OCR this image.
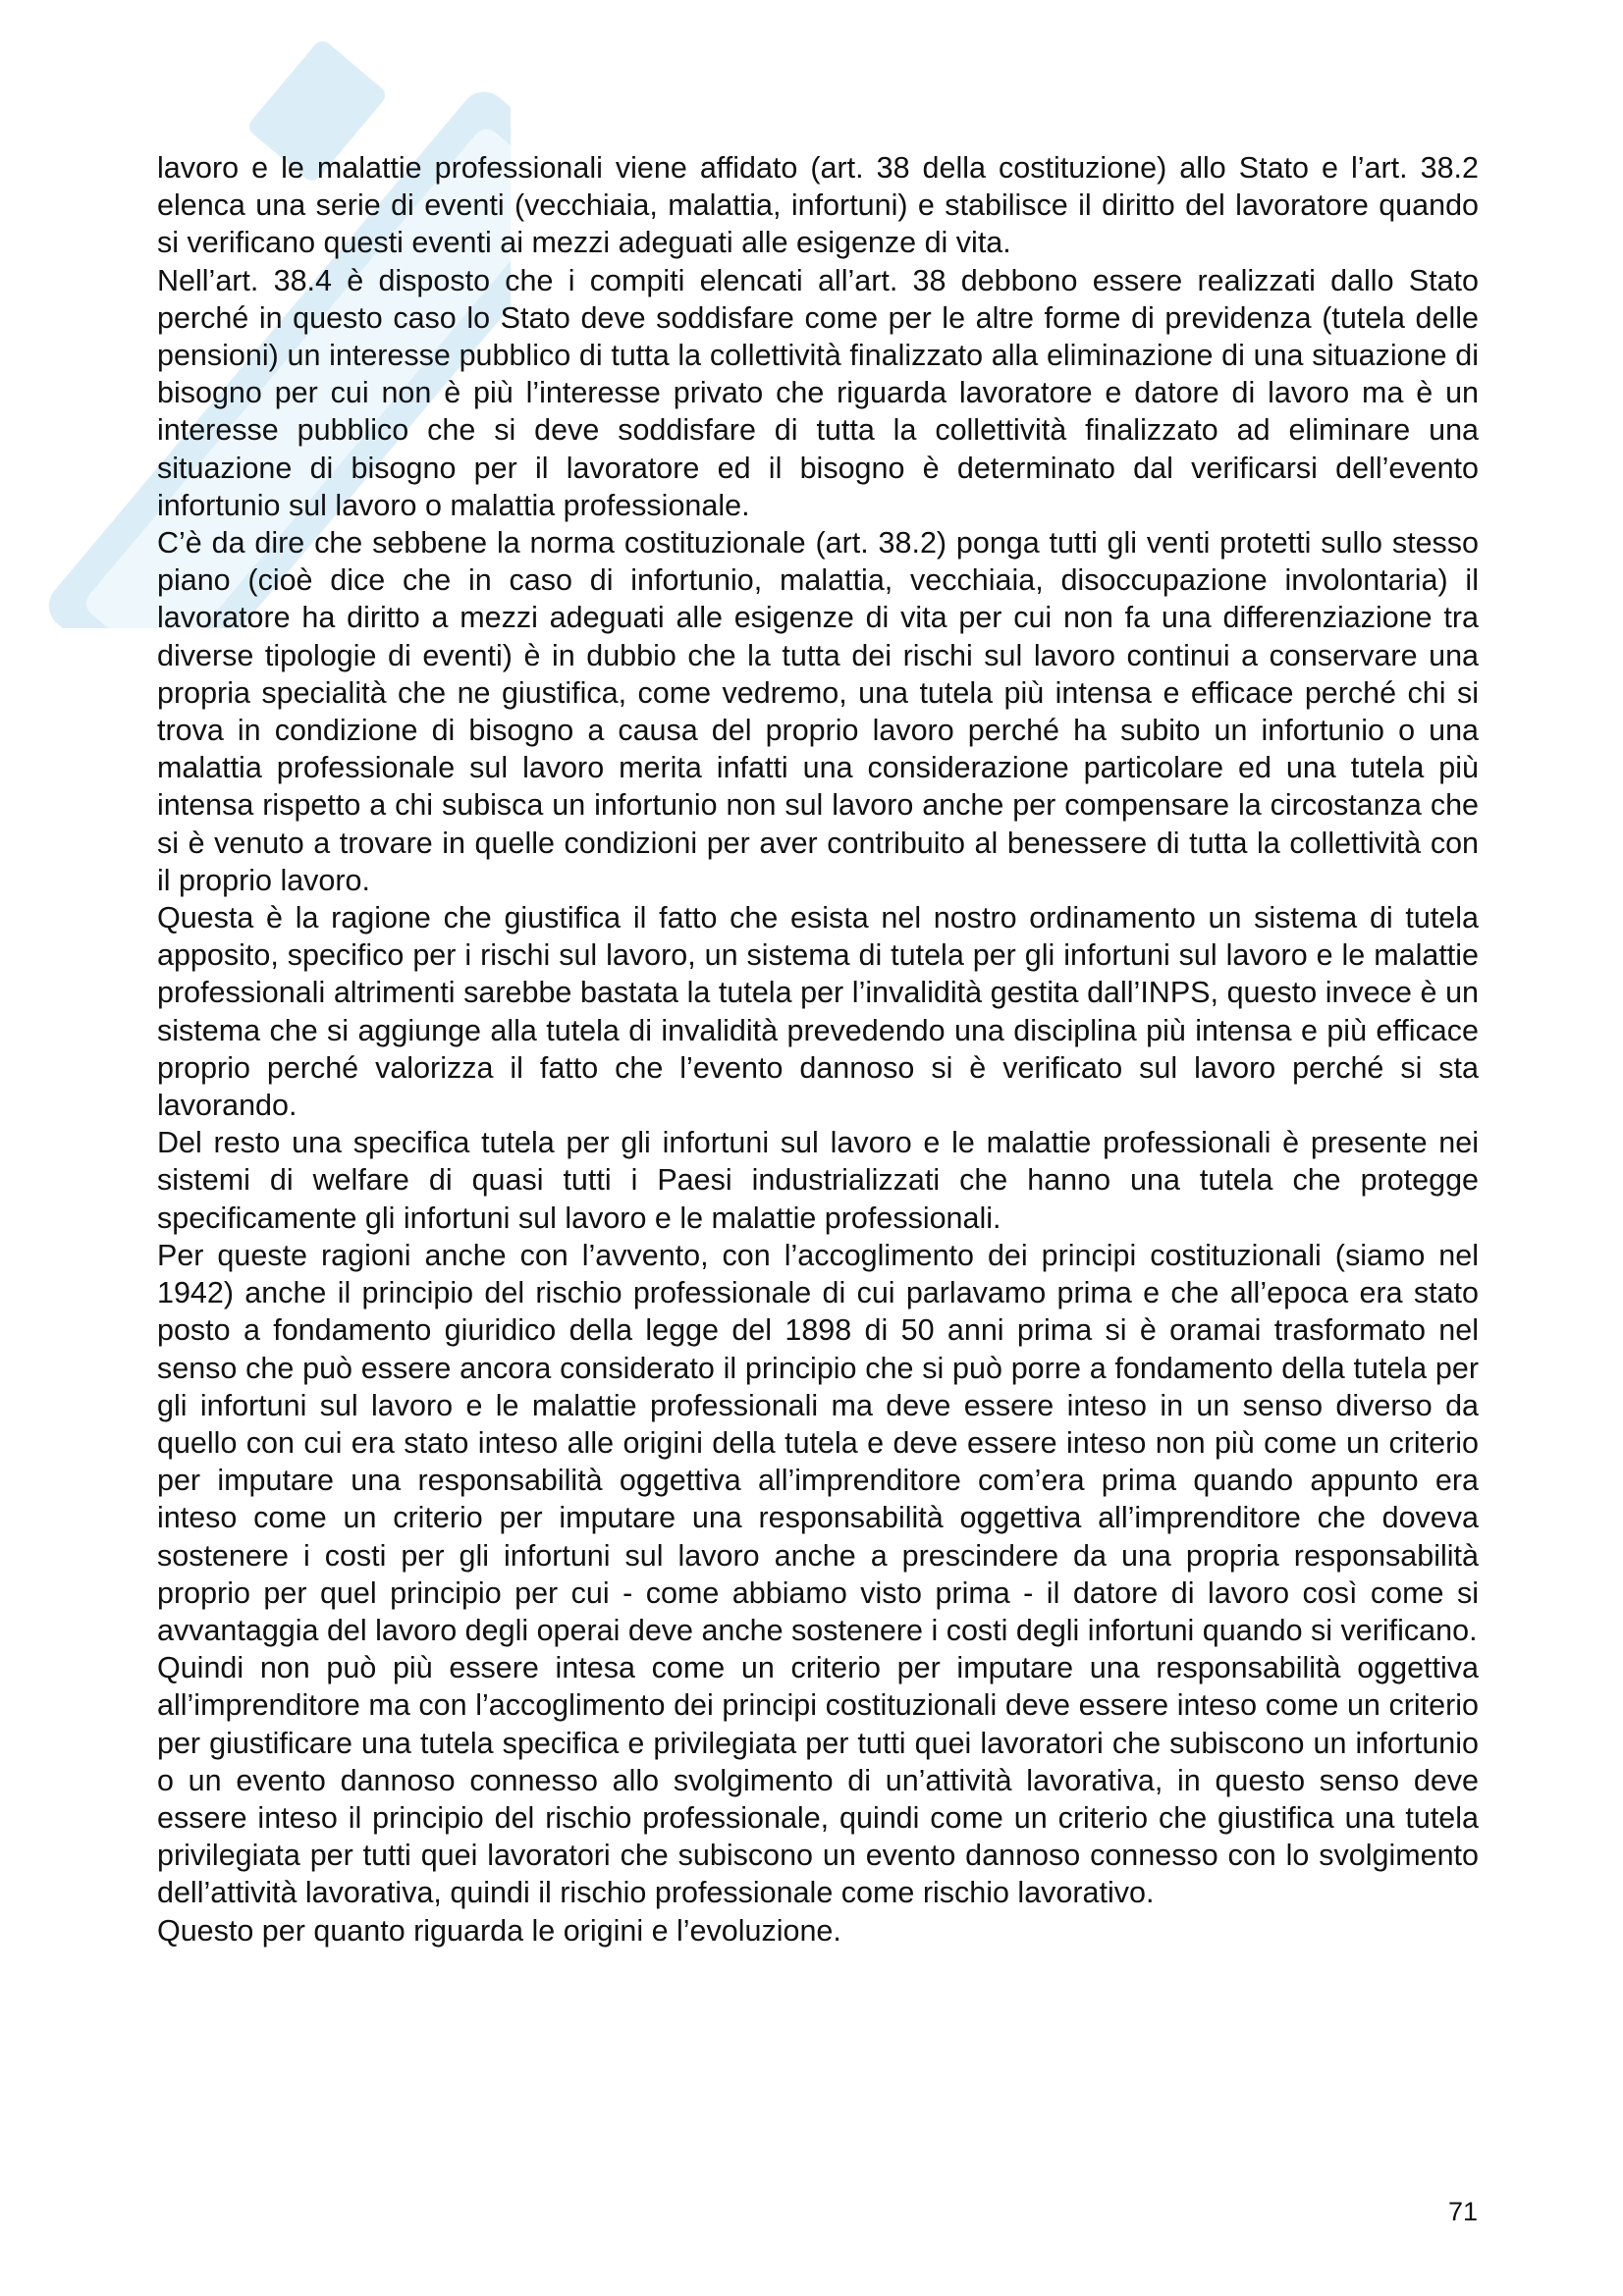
lavoro e le malattie professionali viene affidato (art. 38 della costituzione) allo Stato e l’art. 38.2 elenca una serie di eventi (vecchiaia, malattia, infortuni) e stabilisce il diritto del lavoratore quando si verificano questi eventi ai mezzi adeguati alle esigenze di vita.

Nell’art. 38.4 è disposto che i compiti elencati all’art. 38 debbono essere realizzati dallo Stato perché in questo caso lo Stato deve soddisfare come per le altre forme di previdenza (tutela delle pensioni) un interesse pubblico di tutta la collettività finalizzato alla eliminazione di una situazione di bisogno per cui non è più l’interesse privato che riguarda lavoratore e datore di lavoro ma è un interesse pubblico che si deve soddisfare di tutta la collettività finalizzato ad eliminare una situazione di bisogno per il lavoratore ed il bisogno è determinato dal verificarsi dell’evento infortunio sul lavoro o malattia professionale.

C’è da dire che sebbene la norma costituzionale (art. 38.2) ponga tutti gli venti protetti sullo stesso piano (cioè dice che in caso di infortunio, malattia, vecchiaia, disoccupazione involontaria) il lavoratore ha diritto a mezzi adeguati alle esigenze di vita per cui non fa una differenziazione tra diverse tipologie di eventi) è in dubbio che la tutta dei rischi sul lavoro continui a conservare una propria specialità che ne giustifica, come vedremo, una tutela più intensa e efficace perché chi si trova in condizione di bisogno a causa del proprio lavoro perché ha subito un infortunio o una malattia professionale sul lavoro merita infatti una considerazione particolare ed una tutela più intensa rispetto a chi subisca un infortunio non sul lavoro anche per compensare la circostanza che si è venuto a trovare in quelle condizioni per aver contribuito al benessere di tutta la collettività con il proprio lavoro.

Questa è la ragione che giustifica il fatto che esista nel nostro ordinamento un sistema di tutela apposito, specifico per i rischi sul lavoro, un sistema di tutela per gli infortuni sul lavoro e le malattie professionali altrimenti sarebbe bastata la tutela per l’invalidità gestita dall’INPS, questo invece è un sistema che si aggiunge alla tutela di invalidità prevedendo una disciplina più intensa e più efficace proprio perché valorizza il fatto che l’evento dannoso si è verificato sul lavoro perché si sta lavorando.

Del resto una specifica tutela per gli infortuni sul lavoro e le malattie professionali è presente nei sistemi di welfare di quasi tutti i Paesi industrializzati che hanno una tutela che protegge specificamente gli infortuni sul lavoro e le malattie professionali.

Per queste ragioni anche con l’avvento, con l’accoglimento dei principi costituzionali (siamo nel 1942) anche il principio del rischio professionale di cui parlavamo prima e che all’epoca era stato posto a fondamento giuridico della legge del 1898 di 50 anni prima si è oramai trasformato nel senso che può essere ancora considerato il principio che si può porre a fondamento della tutela per gli infortuni sul lavoro e le malattie professionali ma deve essere inteso in un senso diverso da quello con cui era stato inteso alle origini della tutela e deve essere inteso non più come un criterio per imputare una responsabilità oggettiva all’imprenditore com’era prima quando appunto era inteso come un criterio per imputare una responsabilità oggettiva all’imprenditore che doveva sostenere i costi per gli infortuni sul lavoro anche a prescindere da una propria responsabilità proprio per quel principio per cui - come abbiamo visto prima - il datore di lavoro così come si avvantaggia del lavoro degli operai deve anche sostenere i costi degli infortuni quando si verificano.

Quindi non può più essere intesa come un criterio per imputare una responsabilità oggettiva all’imprenditore ma con l’accoglimento dei principi costituzionali deve essere inteso come un criterio per giustificare una tutela specifica e privilegiata per tutti quei lavoratori che subiscono un infortunio o un evento dannoso connesso allo svolgimento di un’attività lavorativa, in questo senso deve essere inteso il principio del rischio professionale, quindi come un criterio che giustifica una tutela privilegiata per tutti quei lavoratori che subiscono un evento dannoso connesso con lo svolgimento dell’attività lavorativa, quindi il rischio professionale come rischio lavorativo.

Questo per quanto riguarda le origini e l’evoluzione.

71
